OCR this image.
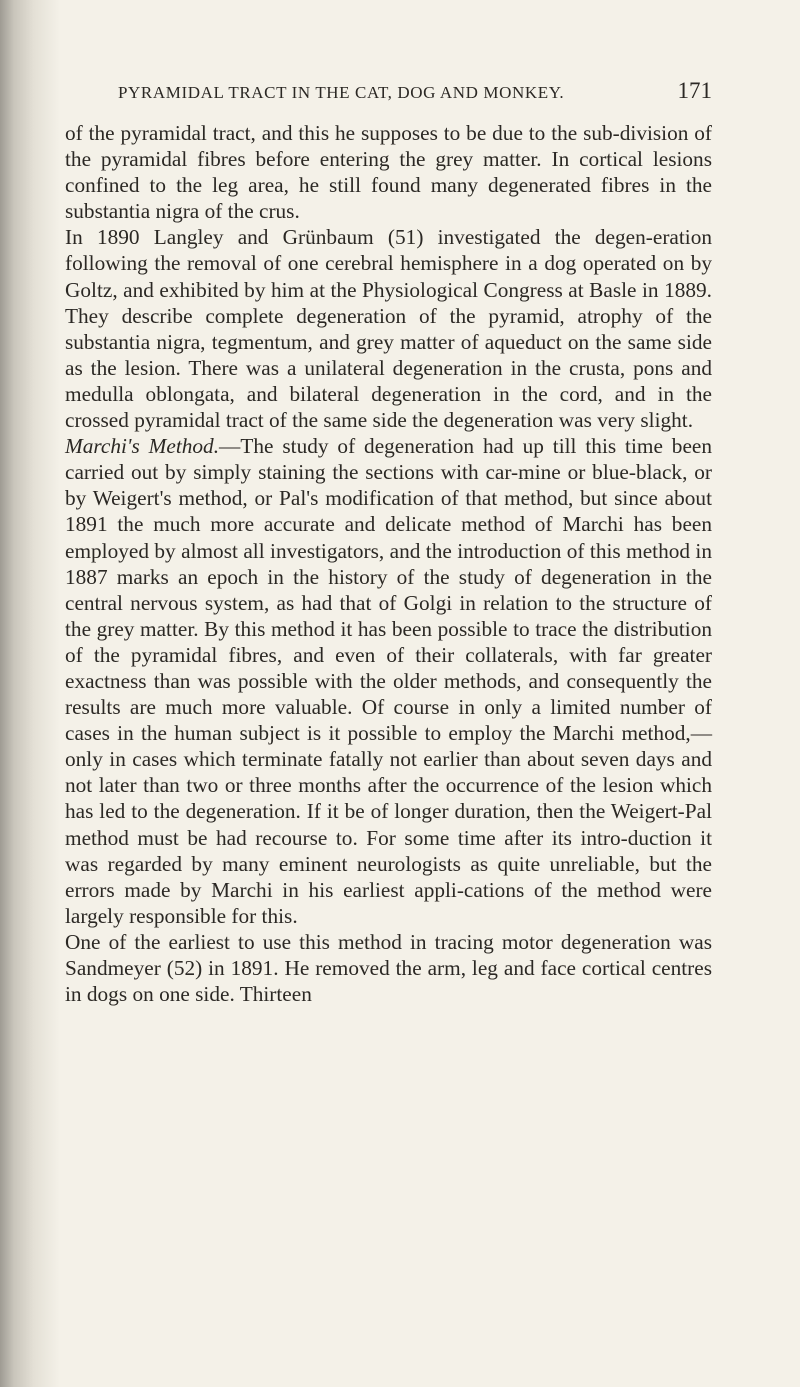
PYRAMIDAL TRACT IN THE CAT, DOG AND MONKEY.	171

of the pyramidal tract, and this he supposes to be due to the sub-division of the pyramidal fibres before entering the grey matter. In cortical lesions confined to the leg area, he still found many degenerated fibres in the substantia nigra of the crus.

In 1890 Langley and Grünbaum (51) investigated the degen-eration following the removal of one cerebral hemisphere in a dog operated on by Goltz, and exhibited by him at the Physiological Congress at Basle in 1889. They describe complete degeneration of the pyramid, atrophy of the substantia nigra, tegmentum, and grey matter of aqueduct on the same side as the lesion. There was a unilateral degeneration in the crusta, pons and medulla oblongata, and bilateral degeneration in the cord, and in the crossed pyramidal tract of the same side the degeneration was very slight.

Marchi's Method.—The study of degeneration had up till this time been carried out by simply staining the sections with car-mine or blue-black, or by Weigert's method, or Pal's modification of that method, but since about 1891 the much more accurate and delicate method of Marchi has been employed by almost all investigators, and the introduction of this method in 1887 marks an epoch in the history of the study of degeneration in the central nervous system, as had that of Golgi in relation to the structure of the grey matter. By this method it has been possible to trace the distribution of the pyramidal fibres, and even of their collaterals, with far greater exactness than was possible with the older methods, and consequently the results are much more valuable. Of course in only a limited number of cases in the human subject is it possible to employ the Marchi method,—only in cases which terminate fatally not earlier than about seven days and not later than two or three months after the occurrence of the lesion which has led to the degeneration. If it be of longer duration, then the Weigert-Pal method must be had recourse to. For some time after its intro-duction it was regarded by many eminent neurologists as quite unreliable, but the errors made by Marchi in his earliest appli-cations of the method were largely responsible for this.

One of the earliest to use this method in tracing motor degeneration was Sandmeyer (52) in 1891. He removed the arm, leg and face cortical centres in dogs on one side. Thirteen
